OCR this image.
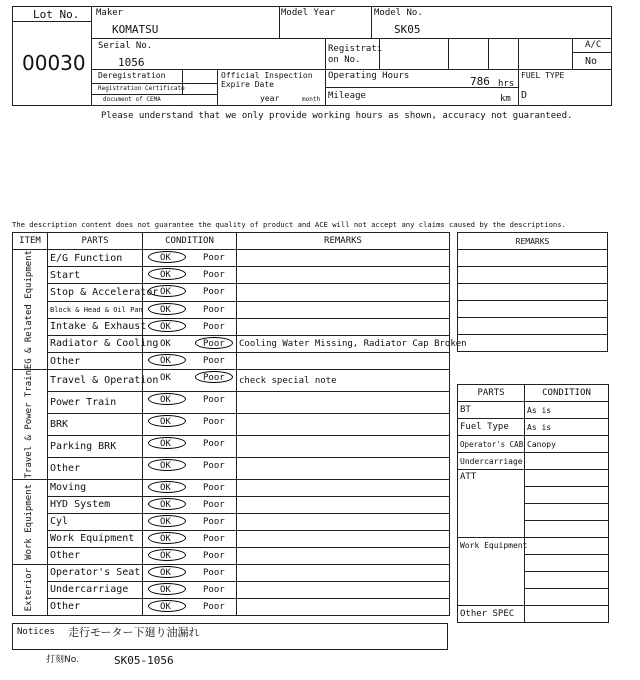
Lot No.
00030
Maker
KOMATSU
Model Year	Model No.
SK05
Serial No.
1056
Registrati
on No.
A/C
No
Deregistration
Registration Certificate
document of CEMA
Official Inspection
Expire Date
year	month
Operating Hours	786 hrs
Mileage	km
FUEL TYPE
D
Please understand that we only provide working hours as shown, accuracy not guaranteed.
The description content does not guarantee the quality of product and ACE will not accept any claims caused by the descriptions.
ITEM	PARTS	CONDITION	REMARKS

EG & Related Equipment	E/G Function	OK Poor	

	Start	OK Poor	

	Stop & Accelerator	OK Poor	

	Block & Head & Oil Pan	OK Poor	

	Intake & Exhaust	OK Poor	

	Radiator & Cooling	OK Poor	Cooling Water Missing, Radiator Cap Broken
	Other	OK Poor	

Travel & Power Train	Travel & Operation	OK Poor	check special note
	Power Train	OK Poor	

	BRK	OK Poor	

	Parking BRK	OK Poor	

	Other	OK Poor	

Work Equipment	Moving	OK Poor	

	HYD System	OK Poor	

	Cyl	OK Poor	

	Work Equipment	OK Poor	

	Other	OK Poor	

Exterior	Operator's Seat	OK Poor	

	Undercarriage	OK Poor	

	Other	OK Poor	

REMARKS

PARTS	CONDITION
BT	As is
Fuel Type	As is
Operator's CAB	Canopy
Undercarriage	
ATT	

Work Equipment	

Other SPEC	
Notices 走行モーター下廻り油漏れ
打刻No.	SK05-1056
